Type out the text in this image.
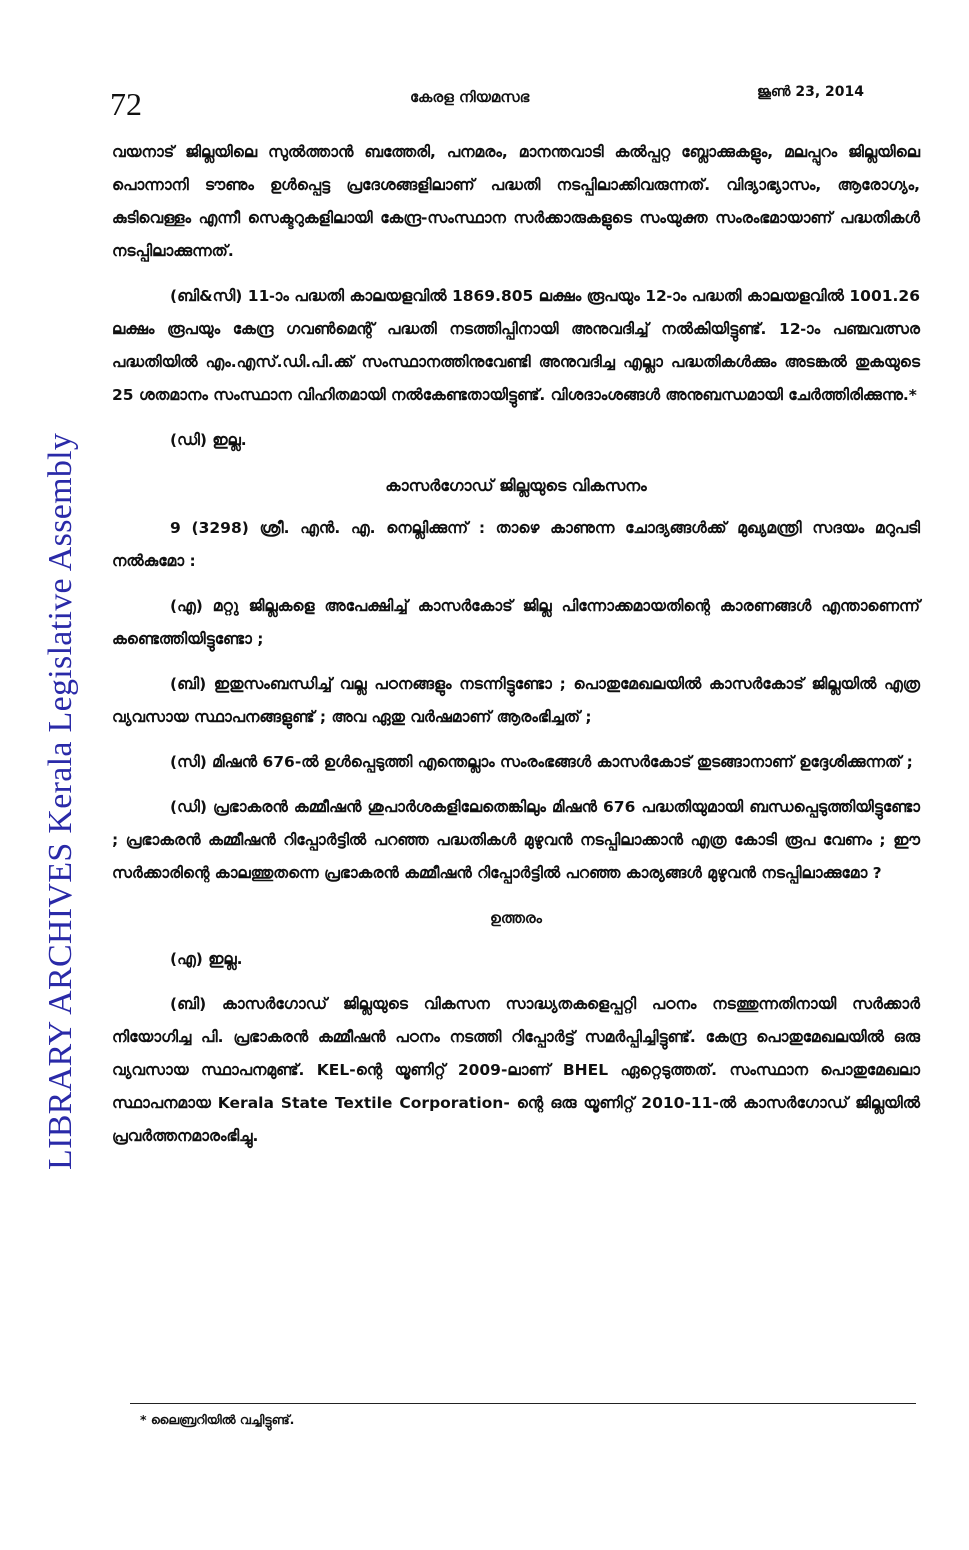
LIBRARY ARCHIVES Kerala Legislative Assembly
72	കേരള നിയമസഭ	ജൂൺ 23, 2014

വയനാട് ജില്ലയിലെ സുൽത്താൻ ബത്തേരി, പനമരം, മാനന്തവാടി കൽപ്പറ്റ ബ്ലോക്കുകളും, മലപ്പുറം ജില്ലയിലെ പൊന്നാനി ടൗണും ഉൾപ്പെട്ട പ്രദേശങ്ങളിലാണ് പദ്ധതി നടപ്പിലാക്കിവരുന്നത്. വിദ്യാഭ്യാസം, ആരോഗ്യം, കുടിവെള്ളം എന്നീ സെക്ടറുകളിലായി കേന്ദ്ര-സംസ്ഥാന സർക്കാരുകളുടെ സംയുക്ത സംരംഭമായാണ് പദ്ധതികൾ നടപ്പിലാക്കുന്നത്.

(ബി&സി) 11-ാം പദ്ധതി കാലയളവിൽ 1869.805 ലക്ഷം രൂപയും 12-ാം പദ്ധതി കാലയളവിൽ 1001.26 ലക്ഷം രൂപയും കേന്ദ്ര ഗവൺമെന്റ് പദ്ധതി നടത്തിപ്പിനായി അനുവദിച്ച് നൽകിയിട്ടുണ്ട്. 12-ാം പഞ്ചവത്സര പദ്ധതിയിൽ എം.എസ്.ഡി.പി.ക്ക് സംസ്ഥാനത്തിനുവേണ്ടി അനുവദിച്ച എല്ലാ പദ്ധതികൾക്കും അടങ്കൽ തുകയുടെ 25 ശതമാനം സംസ്ഥാന വിഹിതമായി നൽകേണ്ടതായിട്ടുണ്ട്. വിശദാംശങ്ങൾ അനുബന്ധമായി ചേർത്തിരിക്കുന്നു.*

(ഡി) ഇല്ല.

കാസർഗോഡ് ജില്ലയുടെ വികസനം

9 (3298) ശ്രീ. എൻ. എ. നെല്ലിക്കുന്ന് : താഴെ കാണുന്ന ചോദ്യങ്ങൾക്ക് മുഖ്യമന്ത്രി സദയം മറുപടി നൽകുമോ :

(എ) മറ്റു ജില്ലകളെ അപേക്ഷിച്ച് കാസർകോട് ജില്ല പിന്നോക്കമായതിന്റെ കാരണങ്ങൾ എന്താണെന്ന് കണ്ടെത്തിയിട്ടുണ്ടോ ;

(ബി) ഇതുസംബന്ധിച്ച് വല്ല പഠനങ്ങളും നടന്നിട്ടുണ്ടോ ; പൊതുമേഖലയിൽ കാസർകോട് ജില്ലയിൽ എത്ര വ്യവസായ സ്ഥാപനങ്ങളുണ്ട് ; അവ ഏതു വർഷമാണ് ആരംഭിച്ചത് ;

(സി) മിഷൻ 676-ൽ ഉൾപ്പെടുത്തി എന്തെല്ലാം സംരംഭങ്ങൾ കാസർകോട് തുടങ്ങാനാണ് ഉദ്ദേശിക്കുന്നത് ;

(ഡി) പ്രഭാകരൻ കമ്മീഷൻ ശുപാർശകളിലേതെങ്കിലും മിഷൻ 676 പദ്ധതിയുമായി ബന്ധപ്പെടുത്തിയിട്ടുണ്ടോ ; പ്രഭാകരൻ കമ്മീഷൻ റിപ്പോർട്ടിൽ പറഞ്ഞ പദ്ധതികൾ മുഴുവൻ നടപ്പിലാക്കാൻ എത്ര കോടി രൂപ വേണം ; ഈ സർക്കാരിന്റെ കാലത്തുതന്നെ പ്രഭാകരൻ കമ്മീഷൻ റിപ്പോർട്ടിൽ പറഞ്ഞ കാര്യങ്ങൾ മുഴുവൻ നടപ്പിലാക്കുമോ ?

ഉത്തരം

(എ) ഇല്ല.

(ബി) കാസർഗോഡ് ജില്ലയുടെ വികസന സാദ്ധ്യതകളെപ്പറ്റി പഠനം നടത്തുന്നതിനായി സർക്കാർ നിയോഗിച്ച പി. പ്രഭാകരൻ കമ്മീഷൻ പഠനം നടത്തി റിപ്പോർട്ട് സമർപ്പിച്ചിട്ടുണ്ട്. കേന്ദ്ര പൊതുമേഖലയിൽ ഒരു വ്യവസായ സ്ഥാപനമുണ്ട്. KEL-ന്റെ യൂണിറ്റ് 2009-ലാണ് BHEL ഏറ്റെടുത്തത്. സംസ്ഥാന പൊതുമേഖലാ സ്ഥാപനമായ Kerala State Textile Corporation- ന്റെ ഒരു യൂണിറ്റ് 2010-11-ൽ കാസർഗോഡ് ജില്ലയിൽ പ്രവർത്തനമാരംഭിച്ചു.

* ലൈബ്രറിയിൽ വച്ചിട്ടുണ്ട്.
